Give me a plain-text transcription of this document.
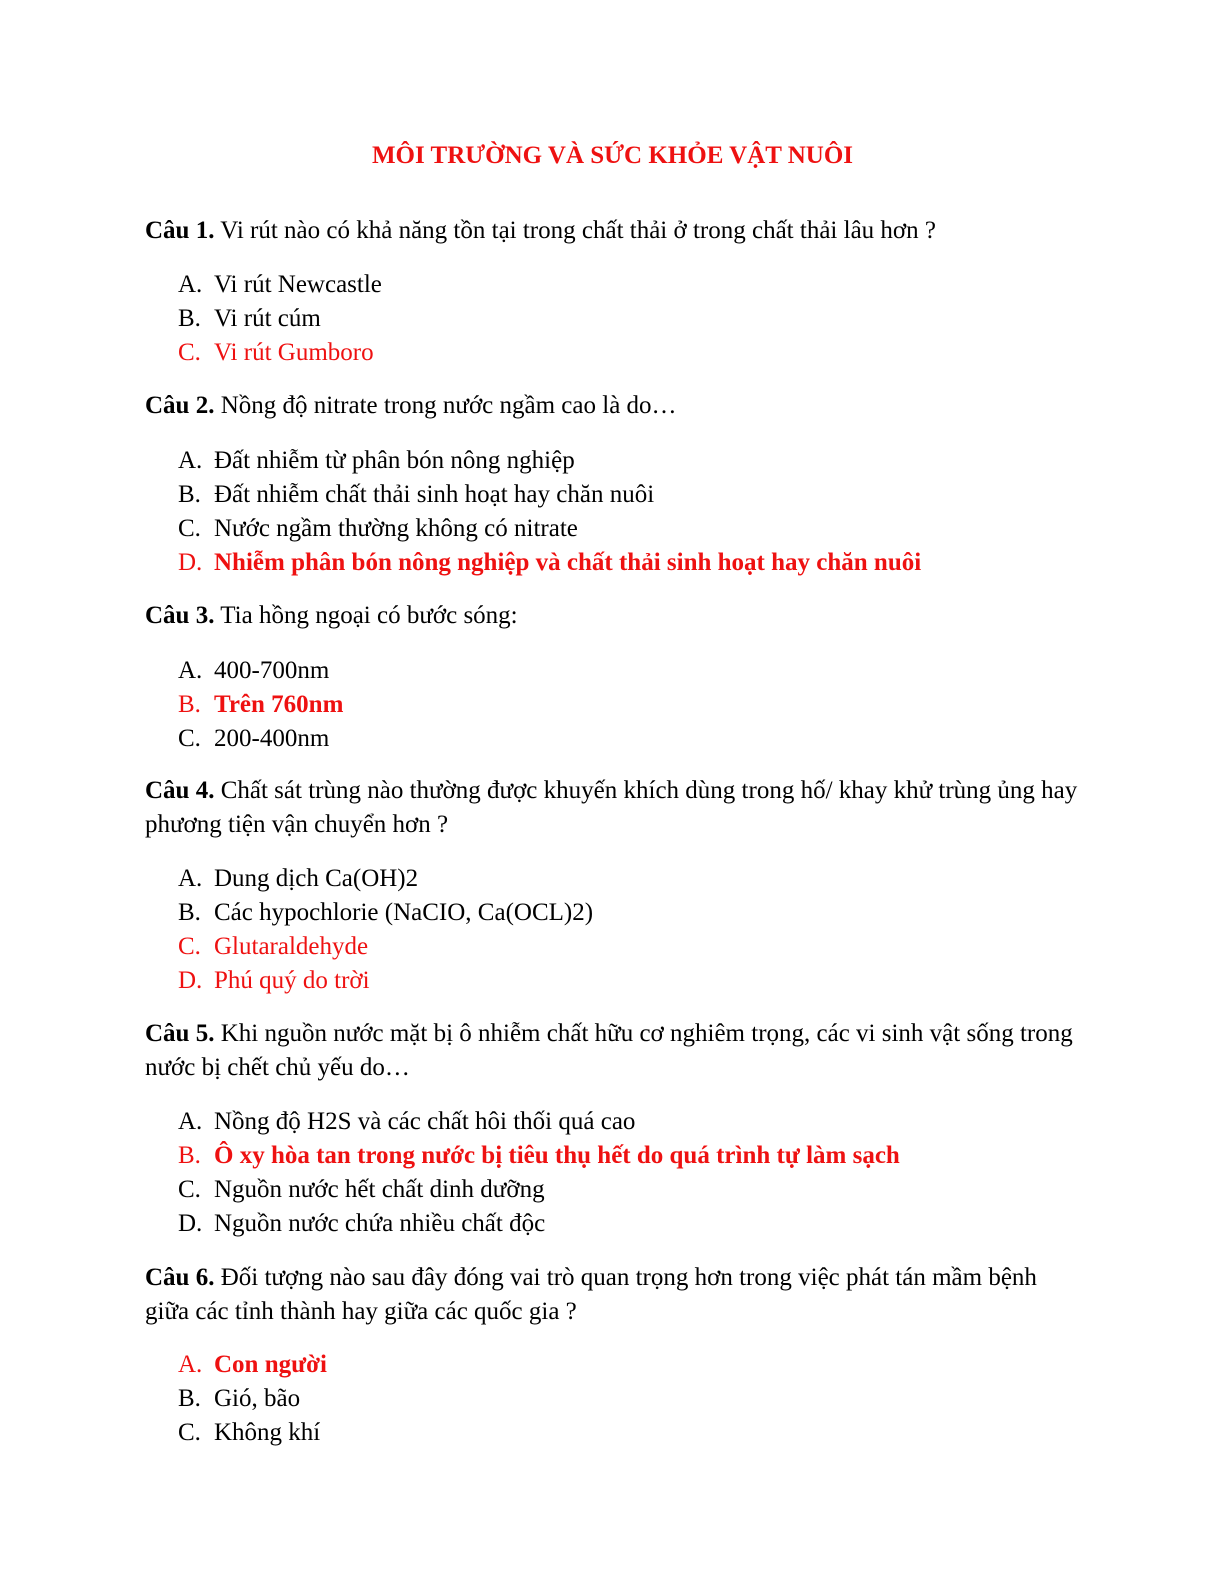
MÔI TRƯỜNG VÀ SỨC KHỎE VẬT NUÔI
Câu 1. Vi rút nào có khả năng tồn tại trong chất thải ở trong chất thải lâu hơn ?
A. Vi rút Newcastle
B. Vi rút cúm
C. Vi rút Gumboro
Câu 2. Nồng độ nitrate trong nước ngầm cao là do…
A. Đất nhiễm từ phân bón nông nghiệp
B. Đất nhiễm chất thải sinh hoạt hay chăn nuôi
C. Nước ngầm thường không có nitrate
D. Nhiễm phân bón nông nghiệp và chất thải sinh hoạt hay chăn nuôi
Câu 3. Tia hồng ngoại có bước sóng:
A. 400-700nm
B. Trên 760nm
C. 200-400nm
Câu 4. Chất sát trùng nào thường được khuyến khích dùng trong hố/ khay khử trùng ủng hay phương tiện vận chuyển hơn ?
A. Dung dịch Ca(OH)2
B. Các hypochlorie (NaCIO, Ca(OCL)2)
C. Glutaraldehyde
D. Phú quý do trời
Câu 5. Khi nguồn nước mặt bị ô nhiễm chất hữu cơ nghiêm trọng, các vi sinh vật sống trong nước bị chết chủ yếu do…
A. Nồng độ H2S và các chất hôi thối quá cao
B. Ô xy hòa tan trong nước bị tiêu thụ hết do quá trình tự làm sạch
C. Nguồn nước hết chất dinh dưỡng
D. Nguồn nước chứa nhiều chất độc
Câu 6. Đối tượng nào sau đây đóng vai trò quan trọng hơn trong việc phát tán mầm bệnh giữa các tỉnh thành hay giữa các quốc gia ?
A. Con người
B. Gió, bão
C. Không khí
